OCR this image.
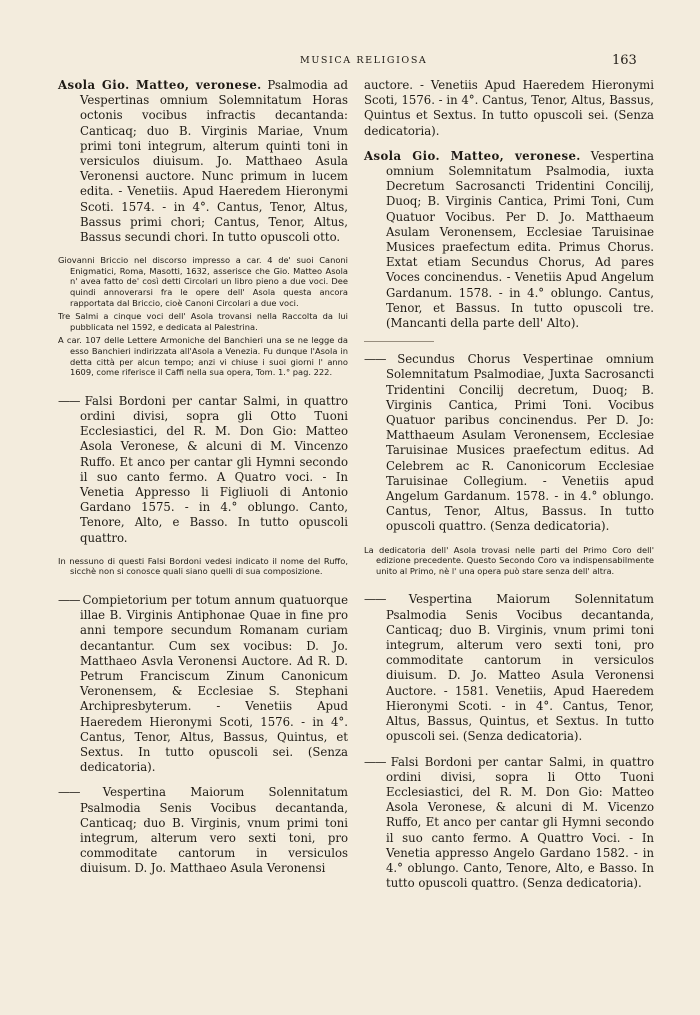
MUSICA RELIGIOSA	163

Asola Gio. Matteo, veronese. Psalmodia ad Vespertinas omnium Solemnitatum Horas octonis vocibus infractis decantanda: Canticaq; duo B. Virginis Mariae, Vnum primi toni integrum, alterum quinti toni in versiculos diuisum. Jo. Matthaeo Asula Veronensi auctore. Nunc primum in lucem edita. - Venetiis. Apud Haeredem Hieronymi Scoti. 1574. - in 4°. Cantus, Tenor, Altus, Bassus primi chori; Cantus, Tenor, Altus, Bassus secundi chori. In tutto opuscoli otto.

Giovanni Briccio nel discorso impresso a car. 4 de' suoi Canoni Enigmatici, Roma, Masotti, 1632, asserisce che Gio. Matteo Asola n' avea fatto de' così detti Circolari un libro pieno a due voci. Dee quindi annoverarsi fra le opere dell' Asola questa ancora rapportata dal Briccio, cioè Canoni Circolari a due voci.

Tre Salmi a cinque voci dell' Asola trovansi nella Raccolta da lui pubblicata nel 1592, e dedicata al Palestrina.

A car. 107 delle Lettere Armoniche del Banchieri una se ne legge da esso Banchieri indirizzata all'Asola a Venezia. Fu dunque l'Asola in detta città per alcun tempo; anzi vi chiuse i suoi giorni l' anno 1609, come riferisce il Caffi nella sua opera, Tom. 1.° pag. 222.

—— Falsi Bordoni per cantar Salmi, in quattro ordini divisi, sopra gli Otto Tuoni Ecclesiastici, del R. M. Don Gio: Matteo Asola Veronese, & alcuni di M. Vincenzo Ruffo. Et anco per cantar gli Hymni secondo il suo canto fermo. A Quatro voci. - In Venetia Appresso li Figliuoli di Antonio Gardano 1575. - in 4.° oblungo. Canto, Tenore, Alto, e Basso. In tutto opuscoli quattro.

In nessuno di questi Falsi Bordoni vedesi indicato il nome del Ruffo, sicchè non si conosce quali siano quelli di sua composizione.

—— Compietorium per totum annum quatuorque illae B. Virginis Antiphonae Quae in fine pro anni tempore secundum Romanam curiam decantantur. Cum sex vocibus: D. Jo. Matthaeo Asvla Veronensi Auctore. Ad R. D. Petrum Franciscum Zinum Canonicum Veronensem, & Ecclesiae S. Stephani Archipresbyterum. - Venetiis Apud Haeredem Hieronymi Scoti, 1576. - in 4°. Cantus, Tenor, Altus, Bassus, Quintus, et Sextus. In tutto opuscoli sei. (Senza dedicatoria).

—— Vespertina Maiorum Solennitatum Psalmodia Senis Vocibus decantanda, Canticaq; duo B. Virginis, vnum primi toni integrum, alterum vero sexti toni, pro commoditate cantorum in versiculos diuisum. D. Jo. Matthaeo Asula Veronensi

auctore. - Venetiis Apud Haeredem Hieronymi Scoti, 1576. - in 4°. Cantus, Tenor, Altus, Bassus, Quintus et Sextus. In tutto opuscoli sei. (Senza dedicatoria).

Asola Gio. Matteo, veronese. Vespertina omnium Solemnitatum Psalmodia, iuxta Decretum Sacrosancti Tridentini Concilij, Duoq; B. Virginis Cantica, Primi Toni, Cum Quatuor Vocibus. Per D. Jo. Matthaeum Asulam Veronensem, Ecclesiae Taruisinae Musices praefectum edita. Primus Chorus. Extat etiam Secundus Chorus, Ad pares Voces concinendus. - Venetiis Apud Angelum Gardanum. 1578. - in 4.° oblungo. Cantus, Tenor, et Bassus. In tutto opuscoli tre. (Mancanti della parte dell' Alto).

—— Secundus Chorus Vespertinae omnium Solemnitatum Psalmodiae, Juxta Sacrosancti Tridentini Concilij decretum, Duoq; B. Virginis Cantica, Primi Toni. Vocibus Quatuor paribus concinendus. Per D. Jo: Matthaeum Asulam Veronensem, Ecclesiae Taruisinae Musices praefectum editus. Ad Celebrem ac R. Canonicorum Ecclesiae Taruisinae Collegium. - Venetiis apud Angelum Gardanum. 1578. - in 4.° oblungo. Cantus, Tenor, Altus, Bassus. In tutto opuscoli quattro. (Senza dedicatoria).

La dedicatoria dell' Asola trovasi nelle parti del Primo Coro dell' edizione precedente. Questo Secondo Coro va indispensabilmente unito al Primo, nè l' una opera può stare senza dell' altra.

—— Vespertina Maiorum Solennitatum Psalmodia Senis Vocibus decantanda, Canticaq; duo B. Virginis, vnum primi toni integrum, alterum vero sexti toni, pro commoditate cantorum in versiculos diuisum. D. Jo. Matteo Asula Veronensi Auctore. - 1581. Venetiis, Apud Haeredem Hieronymi Scoti. - in 4°. Cantus, Tenor, Altus, Bassus, Quintus, et Sextus. In tutto opuscoli sei. (Senza dedicatoria).

—— Falsi Bordoni per cantar Salmi, in quattro ordini divisi, sopra li Otto Tuoni Ecclesiastici, del R. M. Don Gio: Matteo Asola Veronese, & alcuni di M. Vicenzo Ruffo, Et anco per cantar gli Hymni secondo il suo canto fermo. A Quattro Voci. - In Venetia appresso Angelo Gardano 1582. - in 4.° oblungo. Canto, Tenore, Alto, e Basso. In tutto opuscoli quattro. (Senza dedicatoria).
